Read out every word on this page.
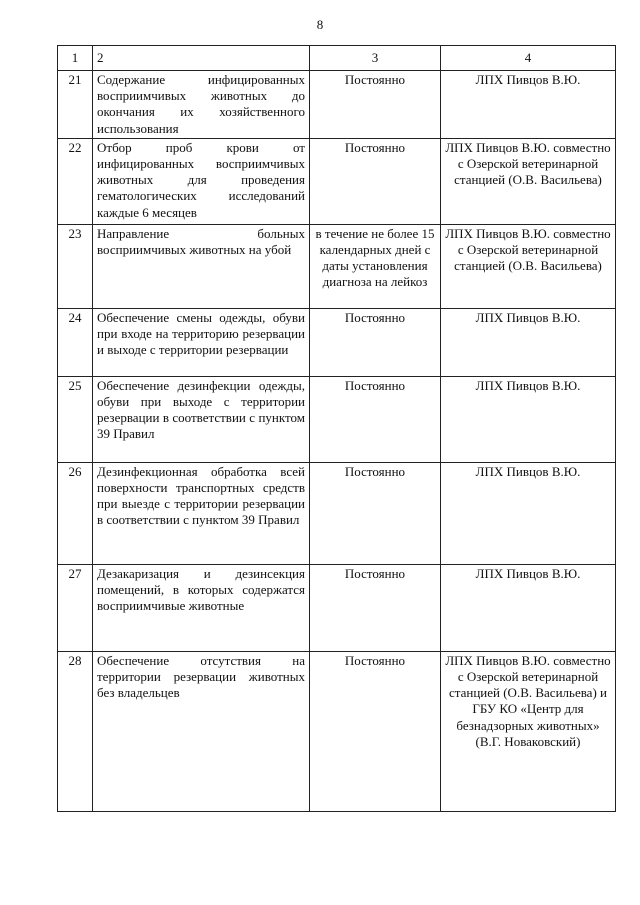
8
1	2	3	4
21	Содержание инфицированных восприимчивых животных до окончания их хозяйственного использования	Постоянно	ЛПХ Пивцов В.Ю.
22	Отбор проб крови от инфицированных восприимчивых животных для проведения гематологических исследований каждые 6 месяцев	Постоянно	ЛПХ Пивцов В.Ю. совместно с Озерской ветеринарной станцией (О.В. Васильева)
23	Направление больных восприимчивых животных на убой	в течение не более 15 календарных дней с даты установления диагноза на лейкоз	ЛПХ Пивцов В.Ю. совместно с Озерской ветеринарной станцией (О.В. Васильева)
24	Обеспечение смены одежды, обуви при входе на территорию резервации и выходе с территории резервации	Постоянно	ЛПХ Пивцов В.Ю.
25	Обеспечение дезинфекции одежды, обуви при выходе с территории резервации в соответствии с пунктом 39 Правил	Постоянно	ЛПХ Пивцов В.Ю.
26	Дезинфекционная обработка всей поверхности транспортных средств при выезде с территории резервации в соответствии с пунктом 39 Правил	Постоянно	ЛПХ Пивцов В.Ю.
27	Дезакаризация и дезинсекция помещений, в которых содержатся восприимчивые животные	Постоянно	ЛПХ Пивцов В.Ю.
28	Обеспечение отсутствия на территории резервации животных без владельцев	Постоянно	ЛПХ Пивцов В.Ю. совместно с Озерской ветеринарной станцией (О.В. Васильева) и ГБУ КО «Центр для безнадзорных животных» (В.Г. Новаковский)
